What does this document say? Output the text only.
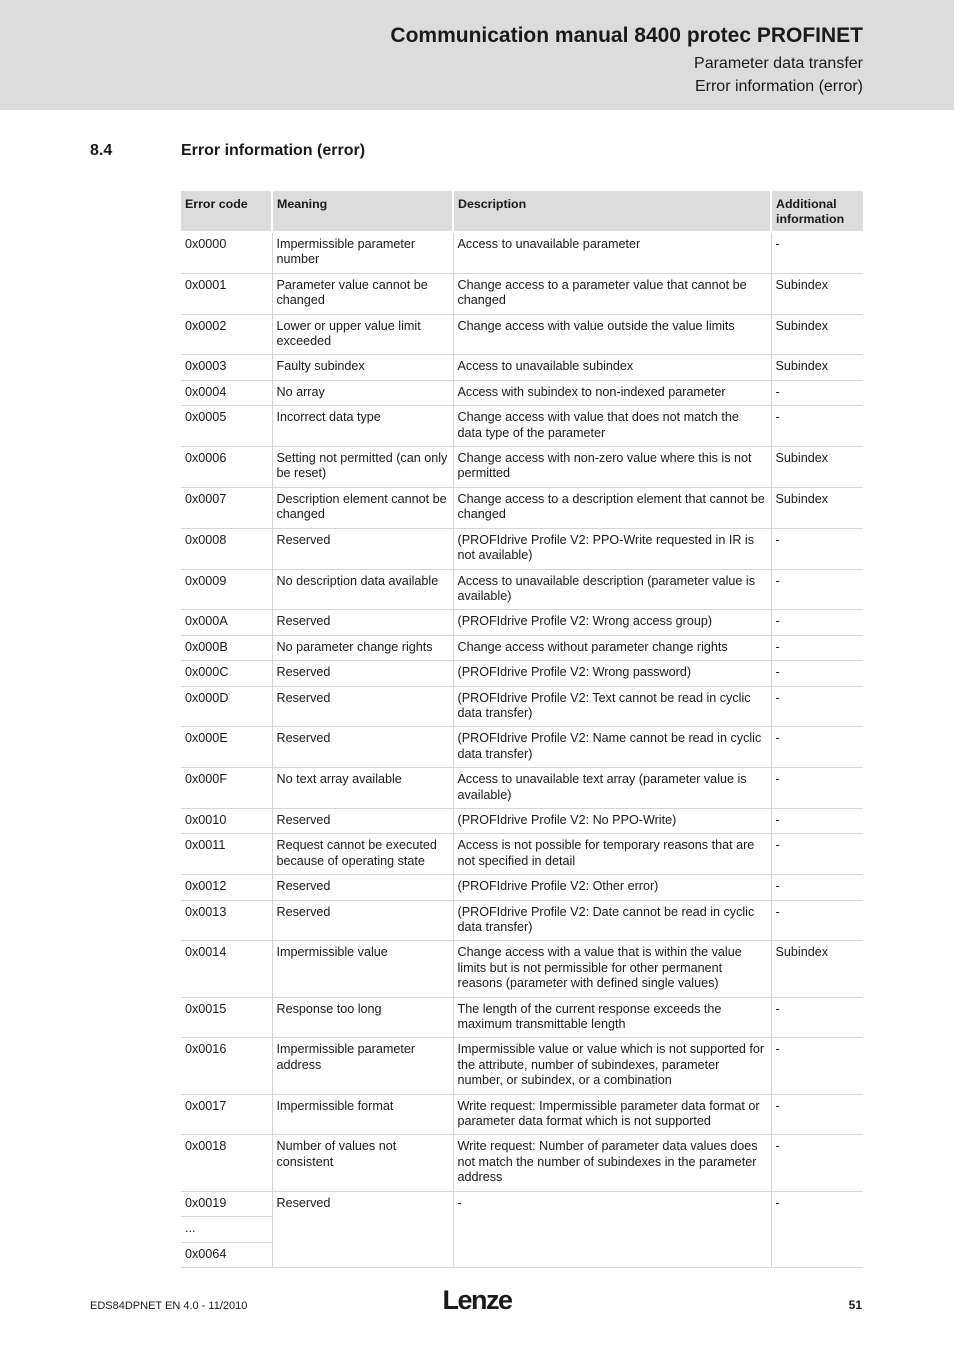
Communication manual 8400 protec PROFINET
Parameter data transfer
Error information (error)
8.4	Error information (error)
Error code	Meaning	Description	Additional information
0x0000	Impermissible parameter number	Access to unavailable parameter	-
0x0001	Parameter value cannot be changed	Change access to a parameter value that cannot be changed	Subindex
0x0002	Lower or upper value limit exceeded	Change access with value outside the value limits	Subindex
0x0003	Faulty subindex	Access to unavailable subindex	Subindex
0x0004	No array	Access with subindex to non-indexed parameter	-
0x0005	Incorrect data type	Change access with value that does not match the data type of the parameter	-
0x0006	Setting not permitted (can only be reset)	Change access with non-zero value where this is not permitted	Subindex
0x0007	Description element cannot be changed	Change access to a description element that cannot be changed	Subindex
0x0008	Reserved	(PROFIdrive Profile V2: PPO-Write requested in IR is not available)	-
0x0009	No description data available	Access to unavailable description (parameter value is available)	-
0x000A	Reserved	(PROFIdrive Profile V2: Wrong access group)	-
0x000B	No parameter change rights	Change access without parameter change rights	-
0x000C	Reserved	(PROFIdrive Profile V2: Wrong password)	-
0x000D	Reserved	(PROFIdrive Profile V2: Text cannot be read in cyclic data transfer)	-
0x000E	Reserved	(PROFIdrive Profile V2: Name cannot be read in cyclic data transfer)	-
0x000F	No text array available	Access to unavailable text array (parameter value is available)	-
0x0010	Reserved	(PROFIdrive Profile V2: No PPO-Write)	-
0x0011	Request cannot be executed because of operating state	Access is not possible for temporary reasons that are not specified in detail	-
0x0012	Reserved	(PROFIdrive Profile V2: Other error)	-
0x0013	Reserved	(PROFIdrive Profile V2: Date cannot be read in cyclic data transfer)	-
0x0014	Impermissible value	Change access with a value that is within the value limits but is not permissible for other permanent reasons (parameter with defined single values)	Subindex
0x0015	Response too long	The length of the current response exceeds the maximum transmittable length	-
0x0016	Impermissible parameter address	Impermissible value or value which is not supported for the attribute, number of subindexes, parameter number, or subindex, or a combination	-
0x0017	Impermissible format	Write request: Impermissible parameter data format or parameter data format which is not supported	-
0x0018	Number of values not consistent	Write request: Number of parameter data values does not match the number of subindexes in the parameter address	-
0x0019	Reserved	-	-
...			
0x0064			
EDS84DPNET EN 4.0 - 11/2010	Lenze	51
